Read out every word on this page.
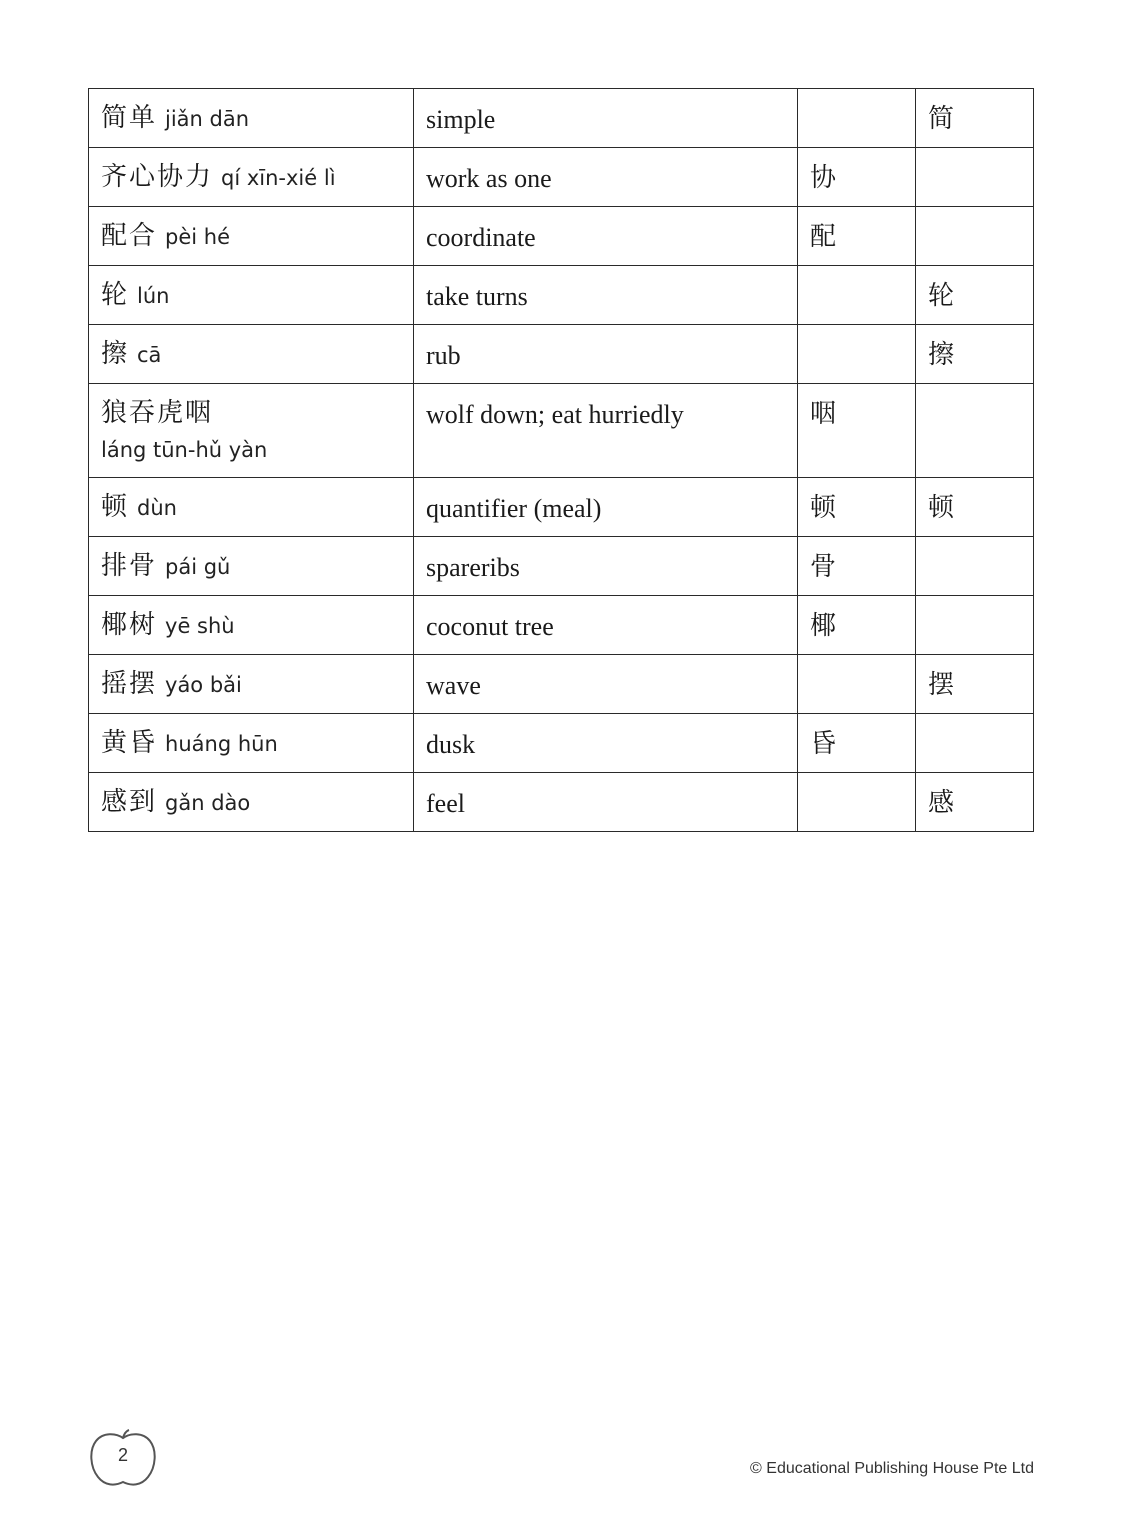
简单 jiǎn dān	simple		简
齐心协力 qí xīn-xié lì	work as one	协	
配合 pèi hé	coordinate	配	
轮 lún	take turns		轮
擦 cā	rub		擦
狼吞虎咽
láng tūn-hǔ yàn	wolf down; eat hurriedly	咽	
顿 dùn	quantifier (meal)	顿	顿
排骨 pái gǔ	spareribs	骨	
椰树 yē shù	coconut tree	椰	
摇摆 yáo bǎi	wave		摆
黄昏 huáng hūn	dusk	昏	
感到 gǎn dào	feel		感
2
© Educational Publishing House Pte Ltd
